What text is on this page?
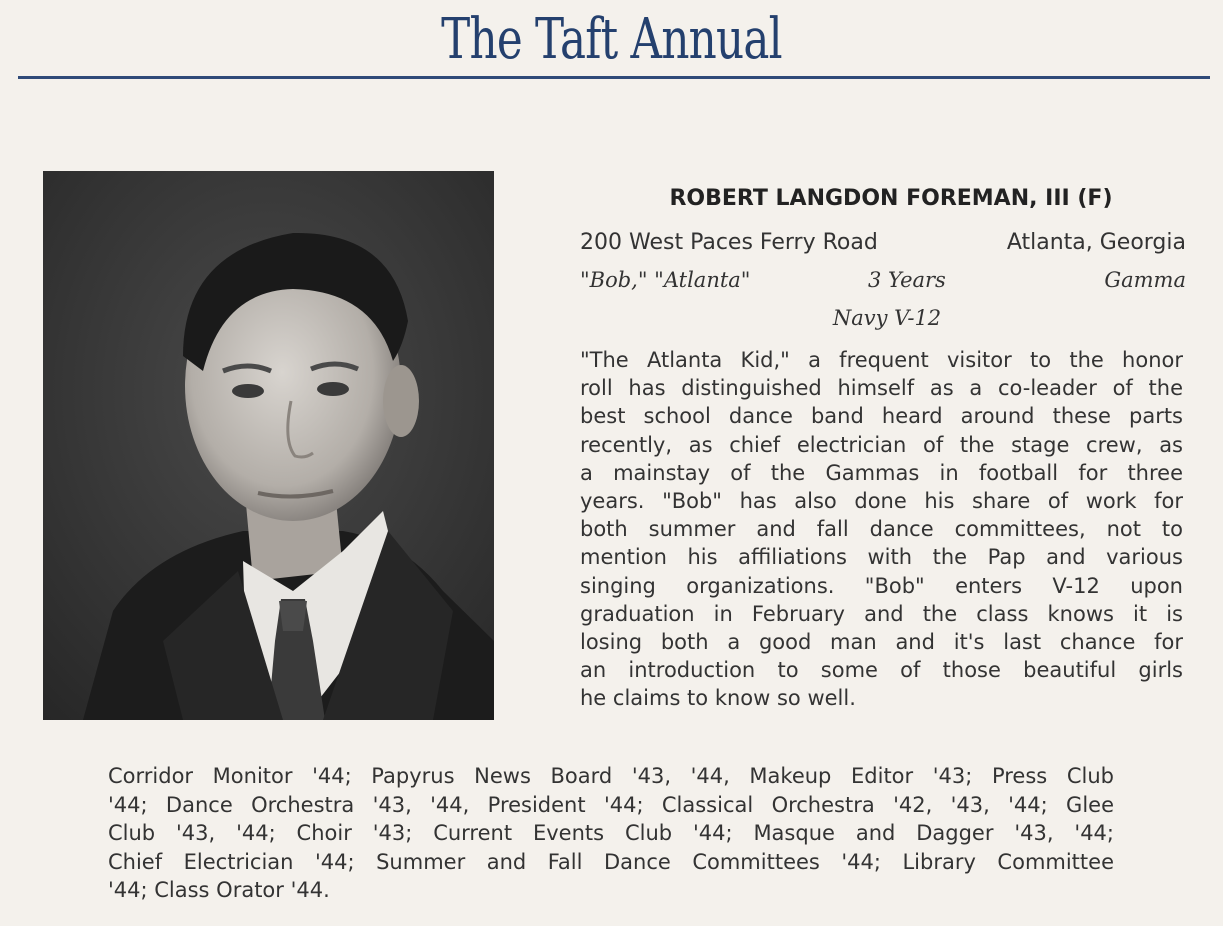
The Taft Annual
ROBERT LANGDON FOREMAN, III (F)
200 West Paces Ferry Road	Atlanta, Georgia
"Bob," "Atlanta"	3 Years	Gamma
Navy V-12
"The Atlanta Kid," a frequent visitor to the honor
roll has distinguished himself as a co-leader of the
best school dance band heard around these parts
recently, as chief electrician of the stage crew, as
a mainstay of the Gammas in football for three
years. "Bob" has also done his share of work for
both summer and fall dance committees, not to
mention his affiliations with the Pap and various
singing organizations. "Bob" enters V-12 upon
graduation in February and the class knows it is
losing both a good man and it's last chance for
an introduction to some of those beautiful girls
he claims to know so well.
Corridor Monitor '44; Papyrus News Board '43, '44, Makeup Editor '43; Press Club
'44; Dance Orchestra '43, '44, President '44; Classical Orchestra '42, '43, '44; Glee
Club '43, '44; Choir '43; Current Events Club '44; Masque and Dagger '43, '44;
Chief Electrician '44; Summer and Fall Dance Committees '44; Library Committee
'44; Class Orator '44.
